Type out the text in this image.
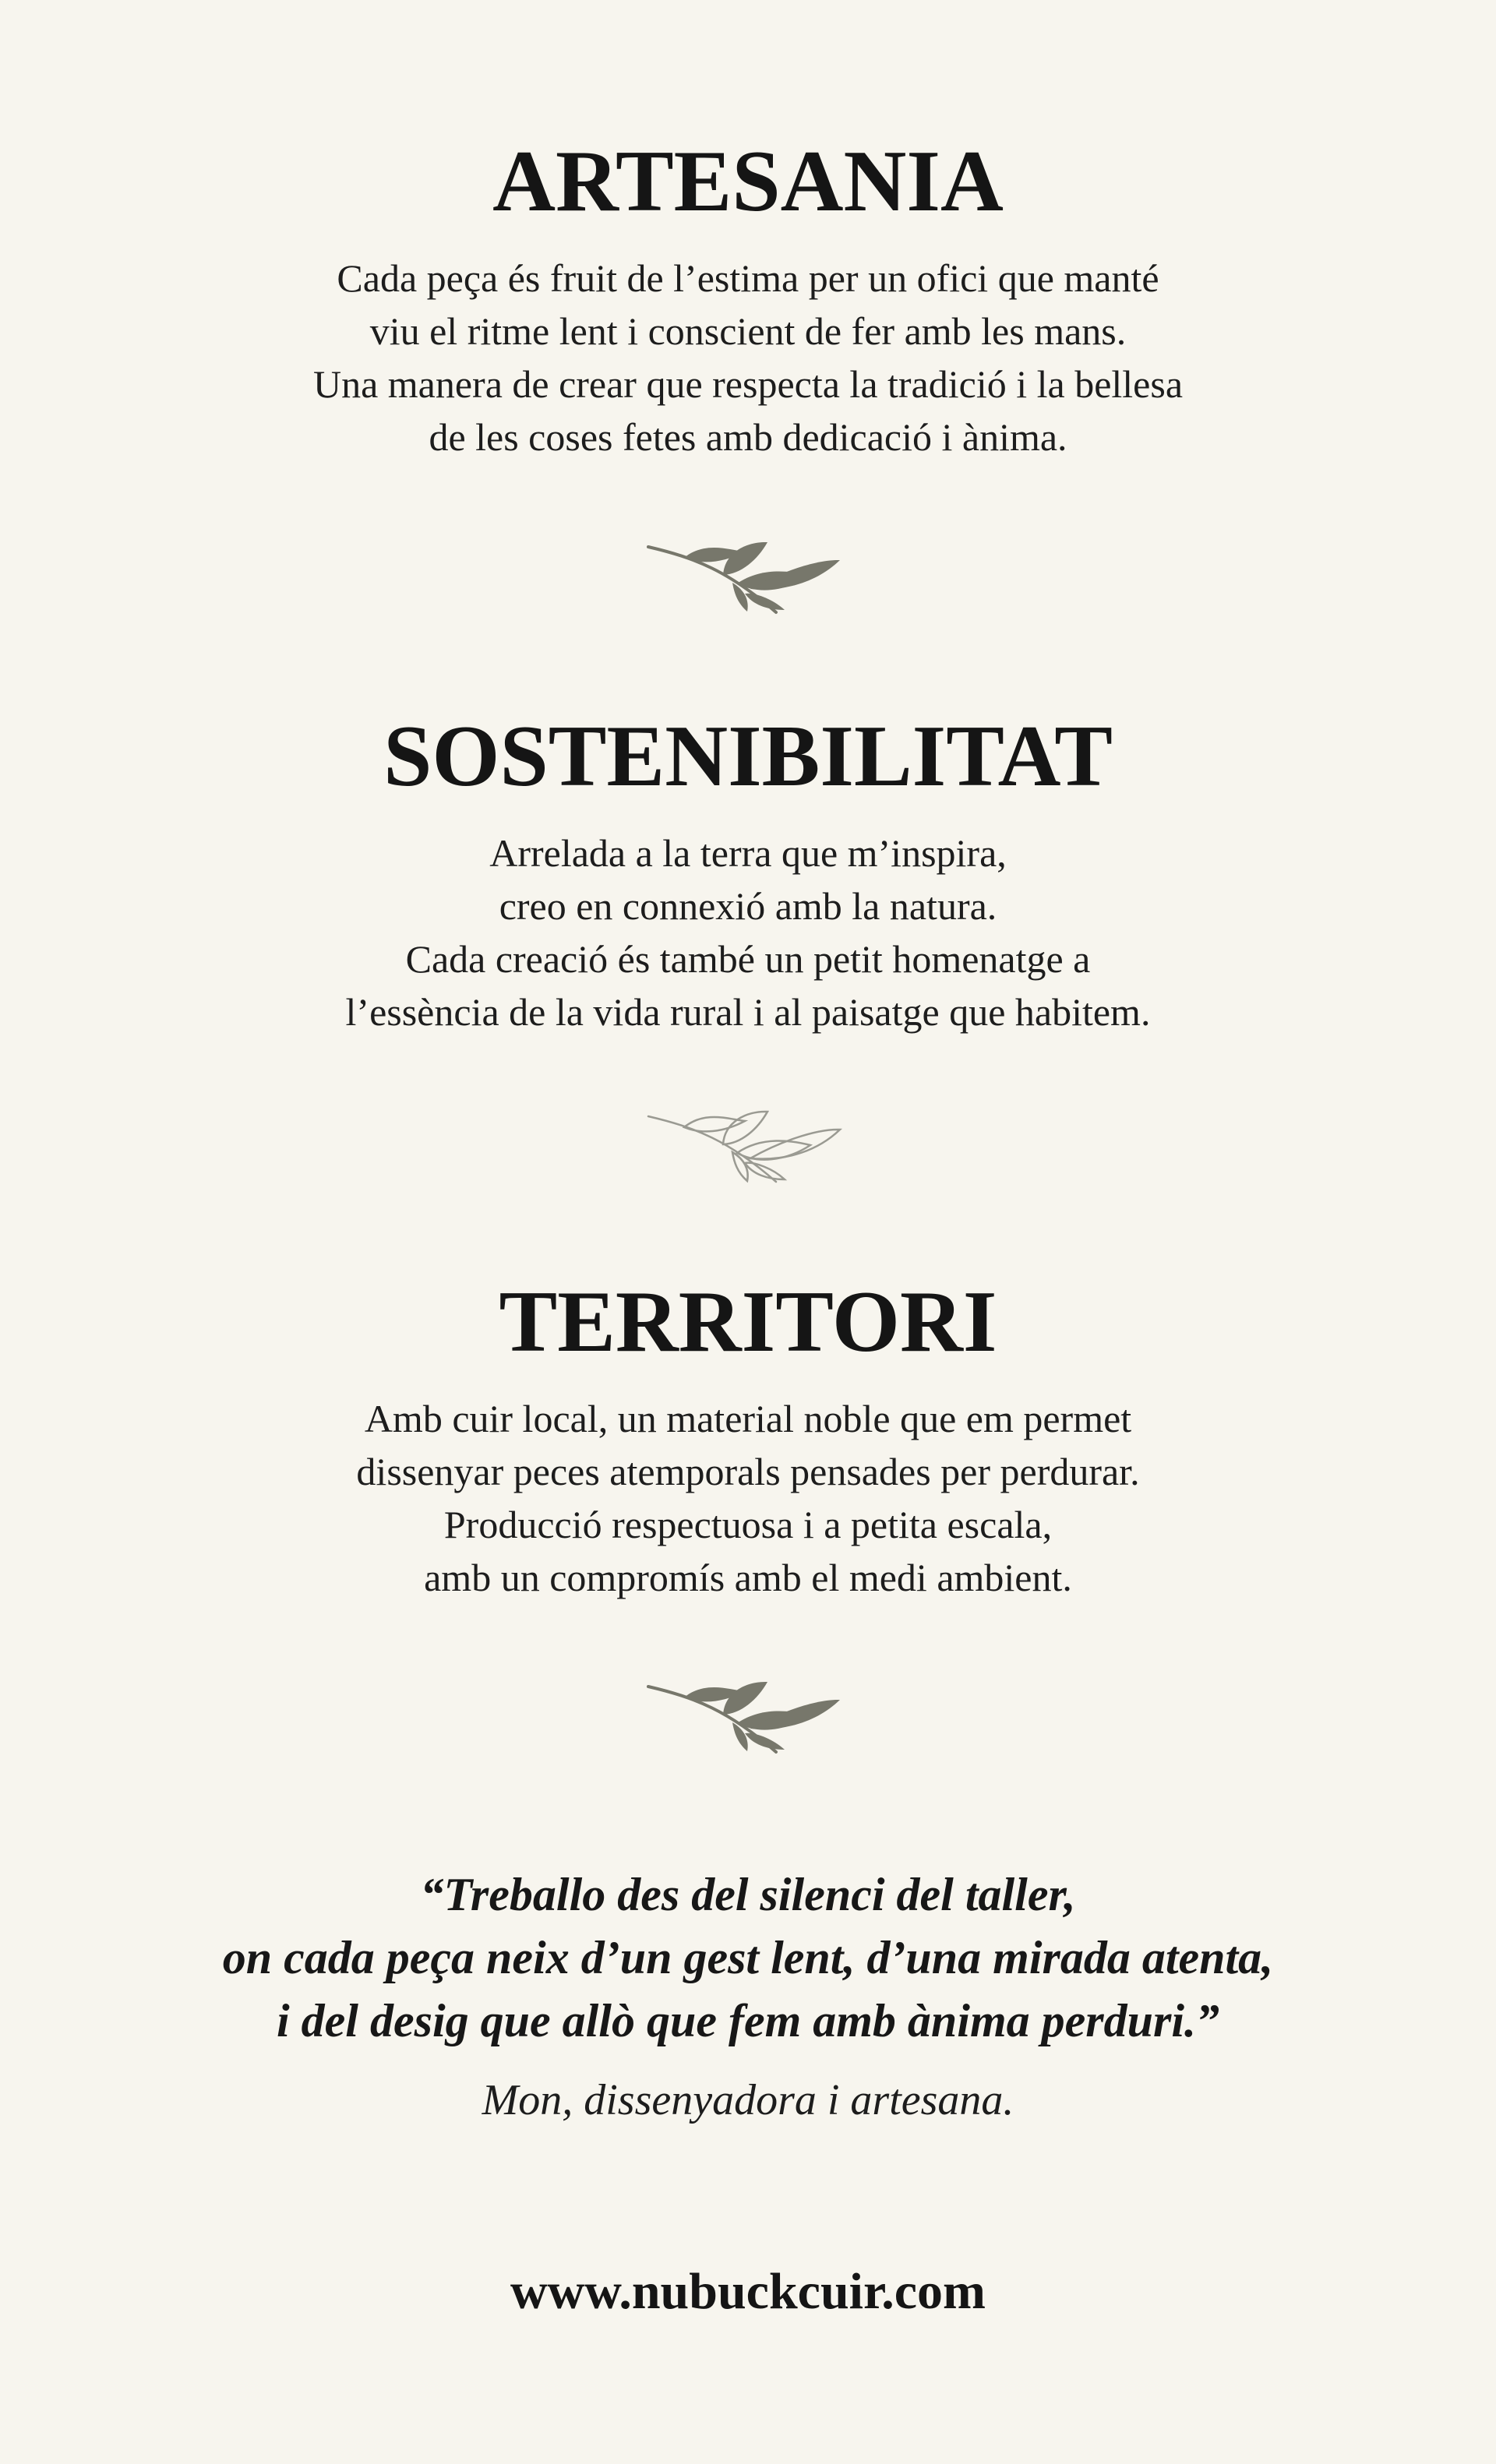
ARTESANIA
Cada peça és fruit de l’estima per un ofici que manté
viu el ritme lent i conscient de fer amb les mans.
Una manera de crear que respecta la tradició i la bellesa
de les coses fetes amb dedicació i ànima.
SOSTENIBILITAT
Arrelada a la terra que m’inspira,
creo en connexió amb la natura.
Cada creació és també un petit homenatge a
l’essència de la vida rural i al paisatge que habitem.
TERRITORI
Amb cuir local, un material noble que em permet
dissenyar peces atemporals pensades per perdurar.
Producció respectuosa i a petita escala,
amb un compromís amb el medi ambient.
“Treballo des del silenci del taller,
on cada peça neix d’un gest lent, d’una mirada atenta,
i del desig que allò que fem amb ànima perduri.”
Mon, dissenyadora i artesana.
www.nubuckcuir.com
